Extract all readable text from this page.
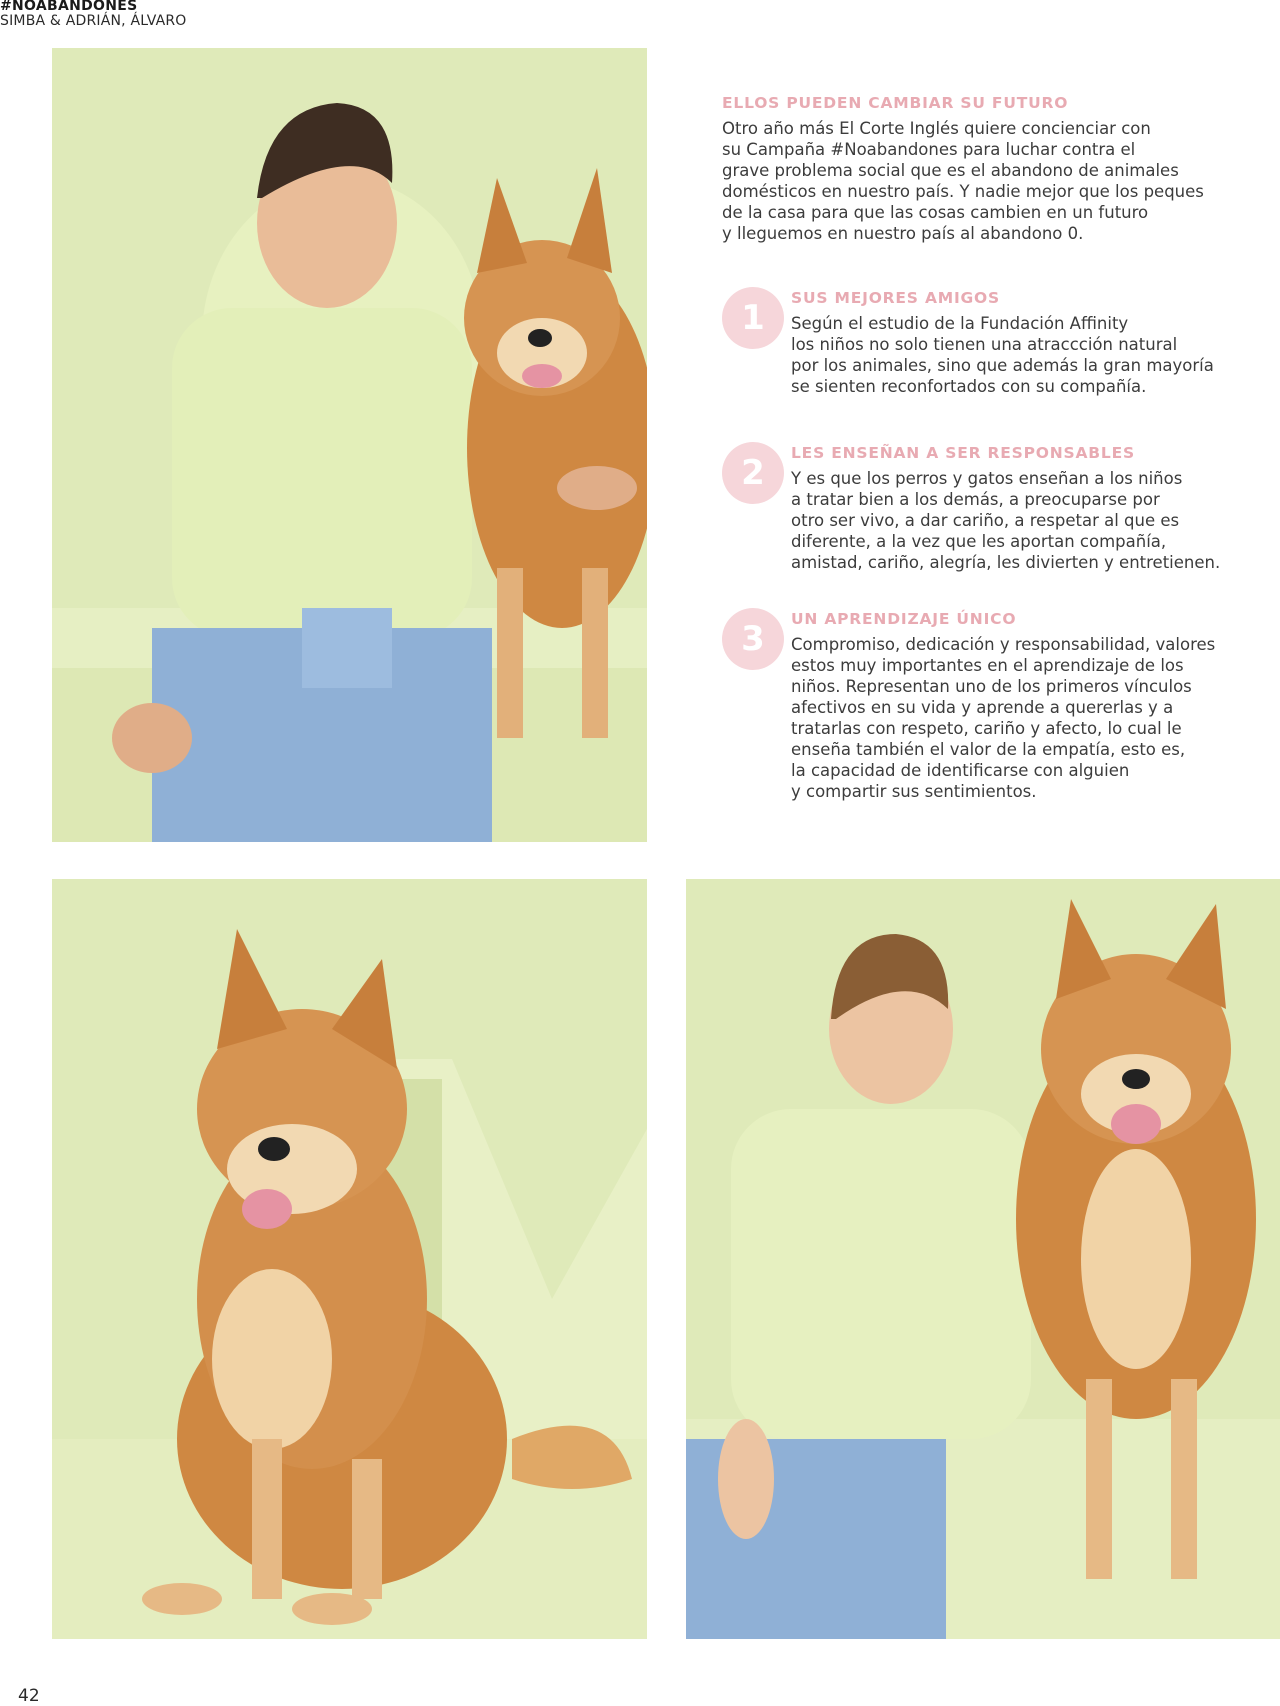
#NOABANDONES
SIMBA & ADRIÁN, ÁLVARO
ELLOS PUEDEN CAMBIAR SU FUTURO
Otro año más El Corte Inglés quiere concienciar con
su Campaña #Noabandones para luchar contra el
grave problema social que es el abandono de animales
domésticos en nuestro país. Y nadie mejor que los peques
de la casa para que las cosas cambien en un futuro
y lleguemos en nuestro país al abandono 0.
1	SUS MEJORES AMIGOS
Según el estudio de la Fundación Affinity
los niños no solo tienen una atraccción natural
por los animales, sino que además la gran mayoría
se sienten reconfortados con su compañía.
2	LES ENSEÑAN A SER RESPONSABLES
Y es que los perros y gatos enseñan a los niños
a tratar bien a los demás, a preocuparse por
otro ser vivo, a dar cariño, a respetar al que es
diferente, a la vez que les aportan compañía,
amistad, cariño, alegría, les divierten y entretienen.
3	UN APRENDIZAJE ÚNICO
Compromiso, dedicación y responsabilidad, valores
estos muy importantes en el aprendizaje de los
niños. Representan uno de los primeros vínculos
afectivos en su vida y aprende a quererlas y a
tratarlas con respeto, cariño y afecto, lo cual le
enseña también el valor de la empatía, esto es,
la capacidad de identificarse con alguien
y compartir sus sentimientos.
42
